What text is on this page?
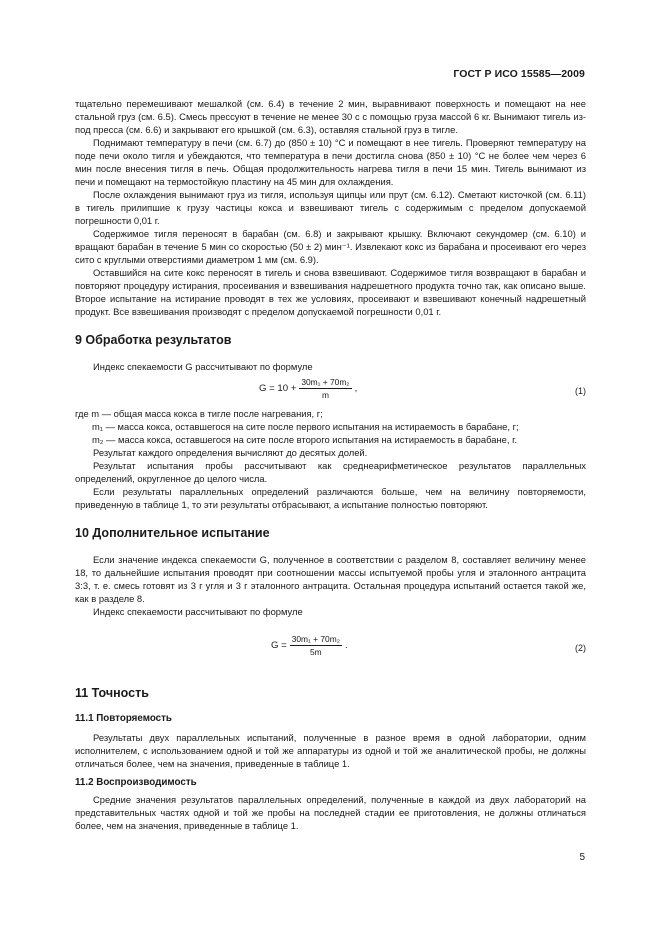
ГОСТ Р ИСО 15585—2009

тщательно перемешивают мешалкой (см. 6.4) в течение 2 мин, выравнивают поверхность и помещают на нее стальной груз (см. 6.5). Смесь прессуют в течение не менее 30 с с помощью груза массой 6 кг. Вынимают тигель из-под пресса (см. 6.6) и закрывают его крышкой (см. 6.3), оставляя стальной груз в тигле.

Поднимают температуру в печи (см. 6.7) до (850 ± 10) °С и помещают в нее тигель. Проверяют температуру на поде печи около тигля и убеждаются, что температура в печи достигла снова (850 ± 10) °С не более чем через 6 мин после внесения тигля в печь. Общая продолжительность нагрева тигля в печи 15 мин. Тигель вынимают из печи и помещают на термостойкую пластину на 45 мин для охлаждения.

После охлаждения вынимают груз из тигля, используя щипцы или прут (см. 6.12). Сметают кисточкой (см. 6.11) в тигель прилипшие к грузу частицы кокса и взвешивают тигель с содержимым с пределом допускаемой погрешности 0,01 г.

Содержимое тигля переносят в барабан (см. 6.8) и закрывают крышку. Включают секундомер (см. 6.10) и вращают барабан в течение 5 мин со скоростью (50 ± 2) мин⁻¹. Извлекают кокс из барабана и просеивают его через сито с круглыми отверстиями диаметром 1 мм (см. 6.9).

Оставшийся на сите кокс переносят в тигель и снова взвешивают. Содержимое тигля возвращают в барабан и повторяют процедуру истирания, просеивания и взвешивания надрешетного продукта точно так, как описано выше. Второе испытание на истирание проводят в тех же условиях, просеивают и взвешивают конечный надрешетный продукт. Все взвешивания производят с пределом допускаемой погрешности 0,01 г.

9 Обработка результатов

Индекс спекаемости G рассчитывают по формуле

$G = 10 + \frac{\text{30m₁ + 70m₂}}{m}$ ,	(1)

где m — общая масса кокса в тигле после нагревания, г;

m₁ — масса кокса, оставшегося на сите после первого испытания на истираемость в барабане, г;

m₂ — масса кокса, оставшегося на сите после второго испытания на истираемость в барабане, г.

Результат каждого определения вычисляют до десятых долей.

Результат испытания пробы рассчитывают как среднеарифметическое результатов параллельных определений, округленное до целого числа.

Если результаты параллельных определений различаются больше, чем на величину повторяемости, приведенную в таблице 1, то эти результаты отбрасывают, а испытание полностью повторяют.

10 Дополнительное испытание

Если значение индекса спекаемости G, полученное в соответствии с разделом 8, составляет величину менее 18, то дальнейшие испытания проводят при соотношении массы испытуемой пробы угля и эталонного антрацита 3:3, т. е. смесь готовят из 3 г угля и 3 г эталонного антрацита. Остальная процедура испытаний остается такой же, как в разделе 8.

Индекс спекаемости рассчитывают по формуле

$G = \frac{\text{30m₁ + 70m₂}}{5m}$ .	(2)
11 Точность
11.1 Повторяемость

Результаты двух параллельных испытаний, полученные в разное время в одной лаборатории, одним исполнителем, с использованием одной и той же аппаратуры из одной и той же аналитической пробы, не должны отличаться более, чем на значения, приведенные в таблице 1.

11.2 Воспроизводимость

Средние значения результатов параллельных определений, полученные в каждой из двух лабораторий на представительных частях одной и той же пробы на последней стадии ее приготовления, не должны отличаться более, чем на значения, приведенные в таблице 1.

5
